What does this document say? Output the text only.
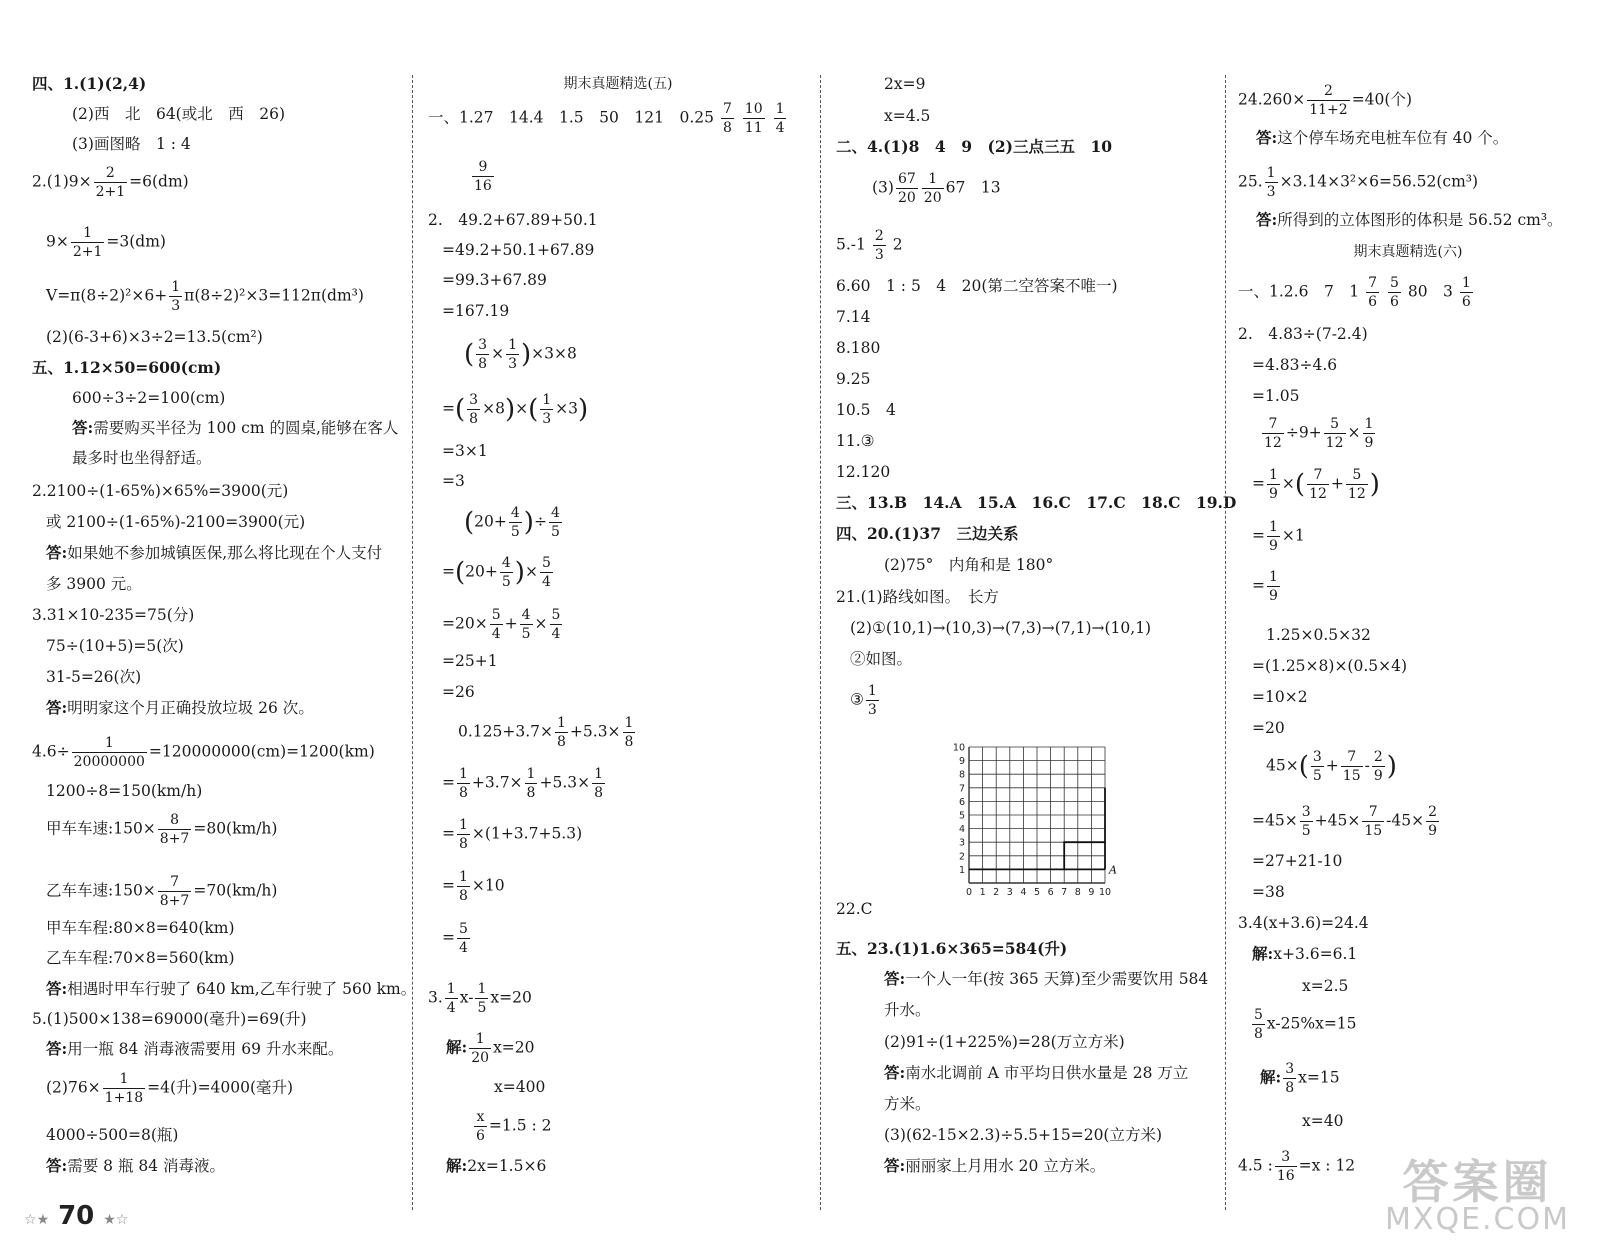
四、1.(1)(2,4)
(2)西　北　64(或北　西　26)
(3)画图略　1 : 4
$2.(1)9\times \frac{2}{2+1} =6(dm)$
$9\times \frac{1}{2+1} =3(dm)$
$V=\pi(8\div 2)^2\times 6+ \frac{1}{3} \pi(8\div 2)^2\times 3=112\pi(dm^3)$
(2)(6-3+6)×3÷2=13.5(cm²)
五、1.12×50=600(cm)
600÷3÷2=100(cm)
答:需要购买半径为 100 cm 的圆桌,能够在客人
最多时也坐得舒适。
2.2100÷(1-65%)×65%=3900(元)
或 2100÷(1-65%)-2100=3900(元)
答:如果她不参加城镇医保,那么将比现在个人支付
多 3900 元。
3.31×10-235=75(分)
75÷(10+5)=5(次)
31-5=26(次)
答:明明家这个月正确投放垃圾 26 次。
$4.6\div \frac{1}{20000000} =120000000(cm)=1200(km)$
1200÷8=150(km/h)
甲车车速:150× $\frac{8}{8+7} =80(km/h)$
乙车车速:150× $\frac{7}{8+7} =70(km/h)$
甲车车程:80×8=640(km)
乙车车程:70×8=560(km)
答:相遇时甲车行驶了 640 km,乙车行驶了 560 km。
5.(1)500×138=69000(毫升)=69(升)
答:用一瓶 84 消毒液需要用 69 升水来配。
$(2)76\times \frac{1}{1+18} =4$(升)=4000(毫升)
4000÷500=8(瓶)
答:需要 8 瓶 84 消毒液。
期末真题精选(五)
一、1.27　14.4　1.5　50　121　$0.25 \frac{7}{8}$
$\frac{10}{11}$
$\frac{1}{4}$
$\frac{9}{16}$
2.　49.2+67.89+50.1
=49.2+50.1+67.89
=99.3+67.89
=167.19
( $\frac{3}{8} \times \frac{1}{3} )\times 3\times 8$
=( $\frac{3}{8} \times 8)\times( \frac{1}{3} \times 3)$
=3×1
=3
($20+ \frac{4}{5}$ )÷ $\frac{4}{5}$
$=(20+ \frac{4}{5}$ )× $\frac{5}{4}$
$=20\times \frac{5}{4} + \frac{4}{5} \times \frac{5}{4}$
=25+1
=26
$0.125+3.7\times \frac{1}{8} +5.3\times \frac{1}{8}$
= $\frac{1}{8} +3.7\times \frac{1}{8} +5.3\times \frac{1}{8}$
= $\frac{1}{8} \times(1+3.7+5.3)$
= $\frac{1}{8} \times 10$
= $\frac{5}{4}$
3. $\frac{1}{4} x- \frac{1}{5} x=20$
解: $\frac{1}{20} x=20$
x=400
$\frac{x}{6} =1.5$ : 2
解:2x=1.5×6
2x=9
x=4.5
二、4.(1)8　4　9　(2)三点三五　10
$(3) \frac{67}{20} \frac{1}{20} 67$　13
$5.-1 \frac{2}{3} 2$
6.60　1 : 5　4　20(第二空答案不唯一)
7.14
8.180
9.25
10.5　4
11.③
12.120
三、13.B　14.A　15.A　16.C　17.C　18.C　19.D
四、20.(1)37　三边关系
(2)75°　内角和是 180°
21.(1)路线如图。　长方
(2)①(10,1)→(10,3)→(7,3)→(7,1)→(10,1)
②如图。
③ $\frac{1}{3}$
22.C
五、23.(1)1.6×365=584(升)
答:一个人一年(按 365 天算)至少需要饮用 584
升水。
(2)91÷(1+225%)=28(万立方米)
答:南水北调前 A 市平均日供水量是 28 万立
方米。
(3)(62-15×2.3)÷5.5+15=20(立方米)
答:丽丽家上月用水 20 立方米。
0 1 2 3 4 5 6 7 8 9 10
1
2
3
4
5
6
7
8
9
10
A
$24.260\times \frac{2}{11+2} =40$(个)
答:这个停车场充电桩车位有 40 个。
25. $\frac{1}{3} \times 3.14\times 3^2\times 6=56.52(cm^3)$
答:所得到的立体图形的体积是 56.52 cm³。
期末真题精选(六)
一、1.2.6　7　$1 \frac{7}{6}$
$\frac{5}{6} 80$　$3 \frac{1}{6}$
2.　4.83÷(7-2.4)
=4.83÷4.6
=1.05
$\frac{7}{12} \div 9+ \frac{5}{12} \times \frac{1}{9}$
= $\frac{1}{9}$ ×( $\frac{7}{12} + \frac{5}{12}$ )
= $\frac{1}{9} \times 1$
= $\frac{1}{9}$
1.25×0.5×32
=(1.25×8)×(0.5×4)
=10×2
=20
$45\times( \frac{3}{5} + \frac{7}{15} - \frac{2}{9}$ )
$=45\times \frac{3}{5} +45\times \frac{7}{15} -45\times \frac{2}{9}$
=27+21-10
=38
3.4(x+3.6)=24.4
解:x+3.6=6.1
x=2.5
$\frac{5}{8} x-25\%x=15$
解: $\frac{3}{8} x=15$
x=40
4.5 : $\frac{3}{16} =x$ : 12
☆★ 70 ★☆
答案圈
MXQE.COM
